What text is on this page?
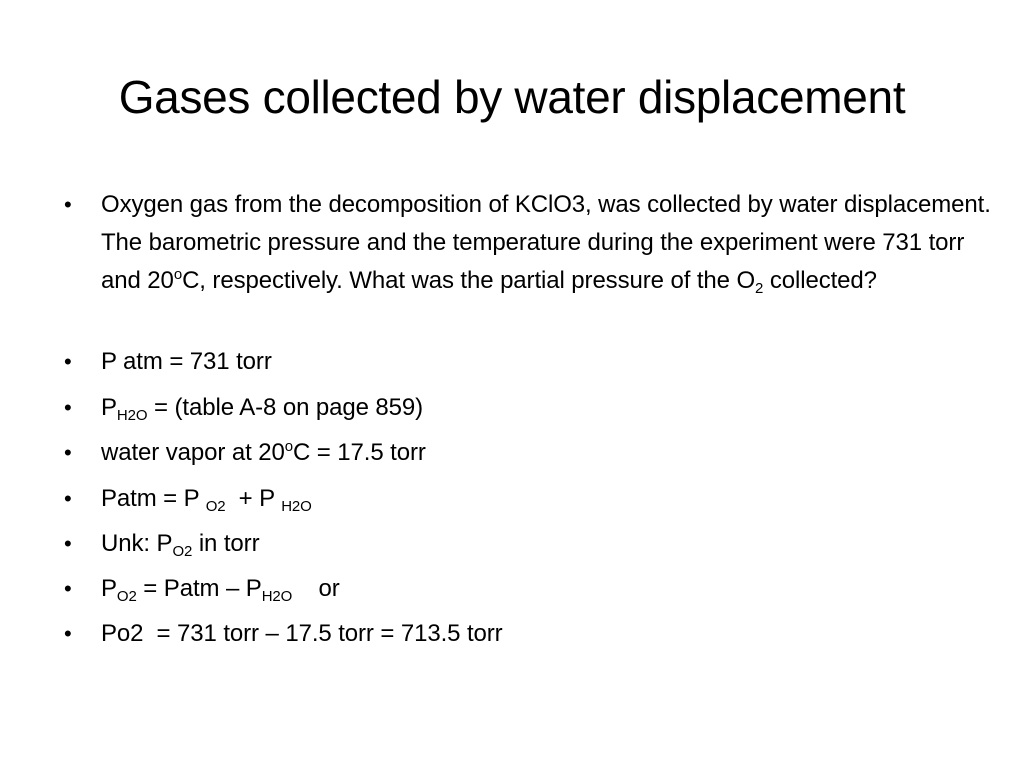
Gases collected by water displacement
• Oxygen gas from the decomposition of KClO3, was collected by water displacement. The barometric pressure and the temperature during the experiment were 731 torr and 20$^o$C, respectively. What was the partial pressure of the $O_2$ collected?
• P atm = 731 torr
• $P_{H2O}$ = (table A-8 on page 859)
• water vapor at $20^oC = 17.5$ torr
• Patm = P $_{O2}$  + P $_{H2O}$
• Unk: $P_{O2}$ in torr
• $P_{O2}$ = Patm – $P_{H2O}$    or
• Po2  = 731 torr – 17.5 torr = 713.5 torr
